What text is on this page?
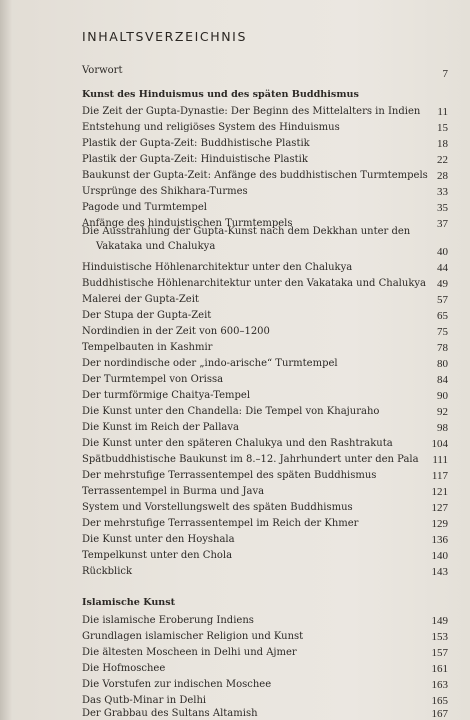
INHALTSVERZEICHNIS
Vorwort	7
Kunst des Hinduismus und des späten Buddhismus
Die Zeit der Gupta-Dynastie: Der Beginn des Mittelalters in Indien 11
Entstehung und religiöses System des Hinduismus	15
Plastik der Gupta-Zeit: Buddhistische Plastik	18
Plastik der Gupta-Zeit: Hinduistische Plastik	22
Baukunst der Gupta-Zeit: Anfänge des buddhistischen Turmtempels 28
Ursprünge des Shikhara-Turmes	33
Pagode und Turmtempel	35
Anfänge des hinduistischen Turmtempels	37
Die Ausstrahlung der Gupta-Kunst nach dem Dekkhan unter den
Vakataka und Chalukya	40
Hinduistische Höhlenarchitektur unter den Chalukya	44
Buddhistische Höhlenarchitektur unter den Vakataka und Chalukya 49
Malerei der Gupta-Zeit	57
Der Stupa der Gupta-Zeit	65
Nordindien in der Zeit von 600–1200	75
Tempelbauten in Kashmir	78
Der nordindische oder „indo-arische“ Turmtempel	80
Der Turmtempel von Orissa	84
Der turmförmige Chaitya-Tempel	90
Die Kunst unter den Chandella: Die Tempel von Khajuraho	92
Die Kunst im Reich der Pallava	98
Die Kunst unter den späteren Chalukya und den Rashtrakuta	104
Spätbuddhistische Baukunst im 8.–12. Jahrhundert unter den Pala 111
Der mehrstufige Terrassentempel des späten Buddhismus	117
Terrassentempel in Burma und Java	121
System und Vorstellungswelt des späten Buddhismus	127
Der mehrstufige Terrassentempel im Reich der Khmer	129
Die Kunst unter den Hoyshala	136
Tempelkunst unter den Chola	140
Rückblick	143
Islamische Kunst
Die islamische Eroberung Indiens	149
Grundlagen islamischer Religion und Kunst	153
Die ältesten Moscheen in Delhi und Ajmer	157
Die Hofmoschee	161
Die Vorstufen zur indischen Moschee	163
Das Qutb-Minar in Delhi	165
Der Grabbau des Sultans Altamish	167
